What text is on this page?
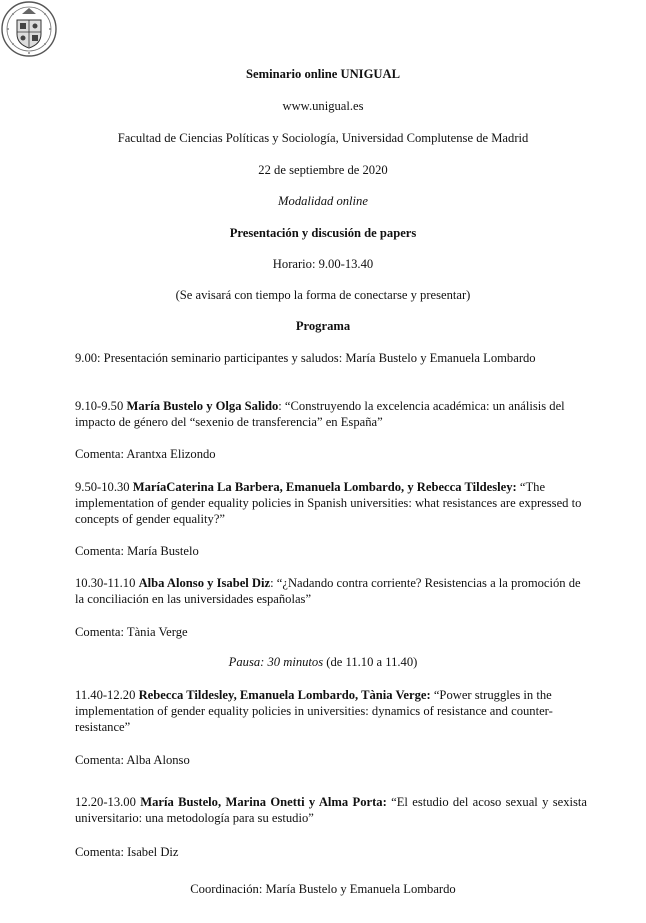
Seminario online UNIGUAL
www.unigual.es
Facultad de Ciencias Políticas y Sociología, Universidad Complutense de Madrid
22 de septiembre de 2020
Modalidad online
Presentación y discusión de papers
Horario: 9.00-13.40
(Se avisará con tiempo la forma de conectarse y presentar)
Programa
9.00: Presentación seminario participantes y saludos: María Bustelo y Emanuela Lombardo
9.10-9.50 María Bustelo y Olga Salido: “Construyendo la excelencia académica: un análisis del impacto de género del “sexenio de transferencia” en España”
Comenta: Arantxa Elizondo
9.50-10.30 MaríaCaterina La Barbera, Emanuela Lombardo, y Rebecca Tildesley: “The implementation of gender equality policies in Spanish universities: what resistances are expressed to concepts of gender equality?”
Comenta: María Bustelo
10.30-11.10 Alba Alonso y Isabel Diz: “¿Nadando contra corriente? Resistencias a la promoción de la conciliación en las universidades españolas”
Comenta: Tània Verge
Pausa: 30 minutos (de 11.10 a 11.40)
11.40-12.20 Rebecca Tildesley, Emanuela Lombardo, Tània Verge: “Power struggles in the implementation of gender equality policies in universities: dynamics of resistance and counter-resistance”
Comenta: Alba Alonso
12.20-13.00 María Bustelo, Marina Onetti y Alma Porta: “El estudio del acoso sexual y sexista universitario: una metodología para su estudio”
Comenta: Isabel Diz
Coordinación: María Bustelo y Emanuela Lombardo
